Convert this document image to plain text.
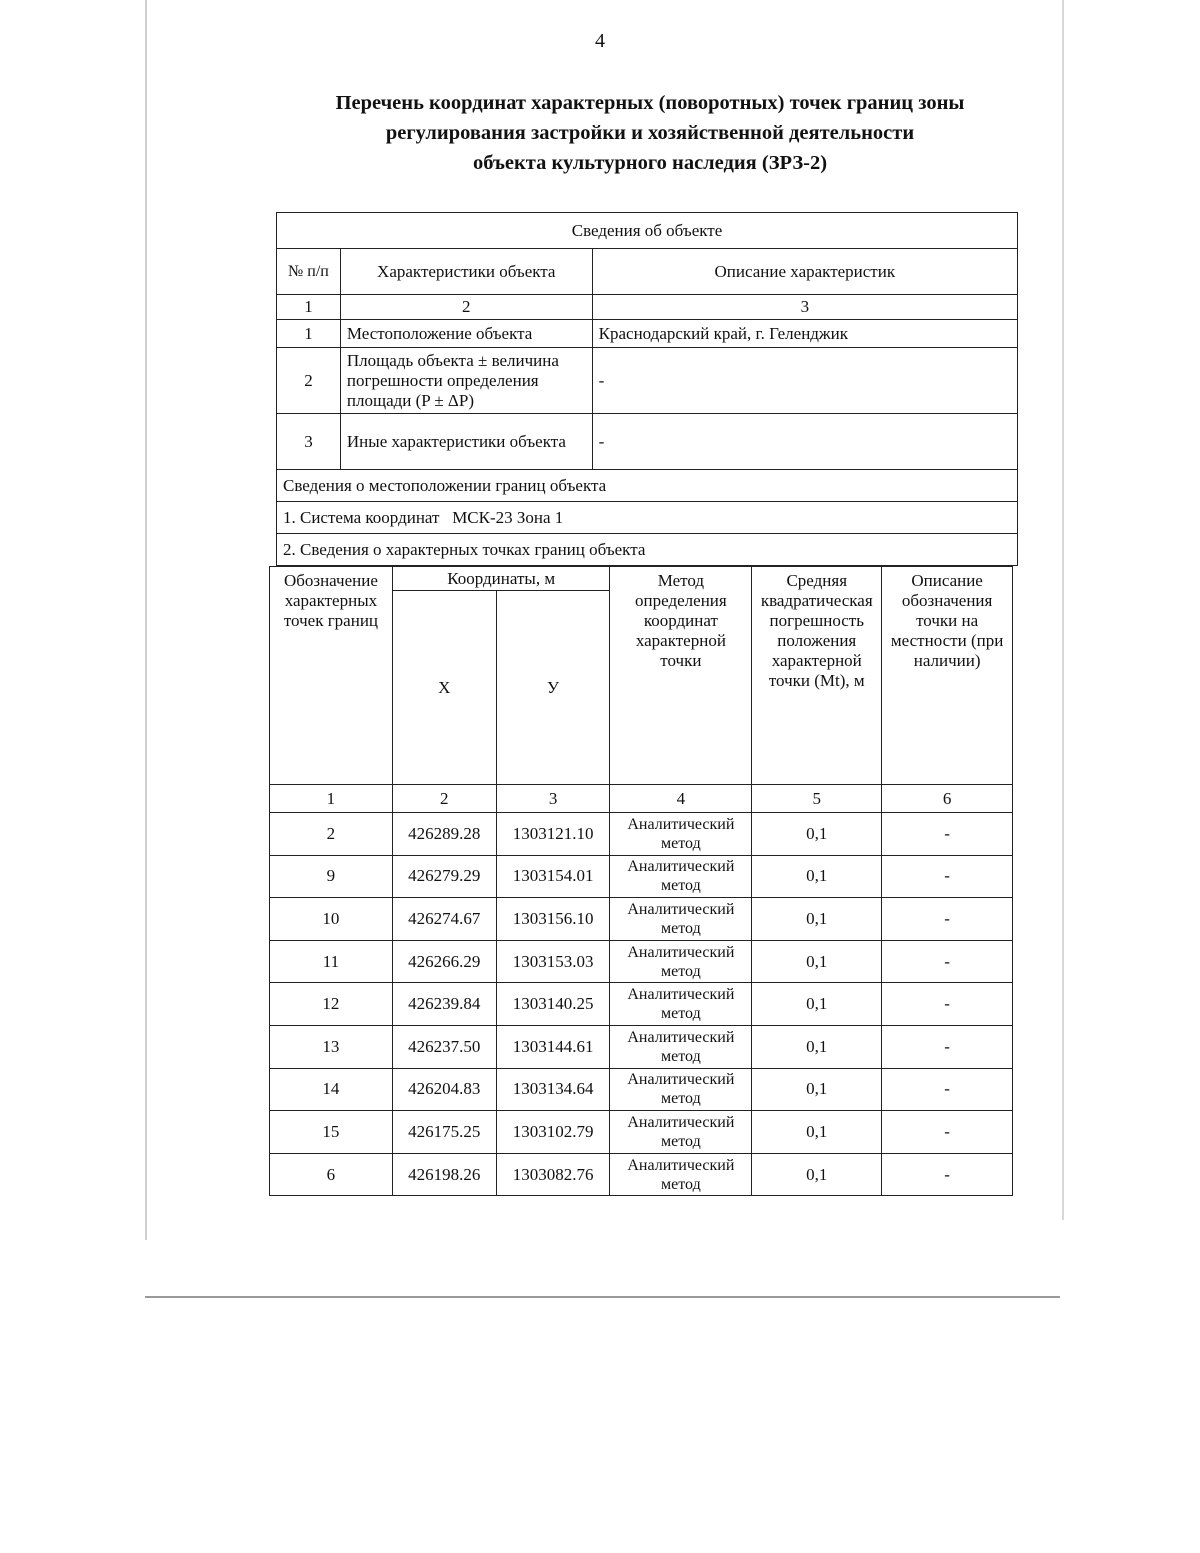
4
Перечень координат характерных (поворотных) точек границ зоны
регулирования застройки и хозяйственной деятельности
объекта культурного наследия (ЗРЗ-2)
Сведения об объекте		
№ п/п	Характеристики объекта	Описание характеристик
1	2	3
1	Местоположение объекта	Краснодарский край, г. Геленджик
2	Площадь объекта ± величина погрешности определения площади (P ± ΔP)	-
3	Иные характеристики объекта	-
Сведения о местоположении границ объекта		
1. Система координат   МСК-23 Зона 1		
2. Сведения о характерных точках границ объекта		
Обозначение характерных точек границ	Координаты, м		Метод определения координат характерной точки	Средняя квадратическая погрешность положения характерной точки (Mt), м	Описание обозначения точки на местности (при наличии)
	Х	У			
1	2	3	4	5	6
2	426289.28	1303121.10	Аналитический метод	0,1	-
9	426279.29	1303154.01	Аналитический метод	0,1	-
10	426274.67	1303156.10	Аналитический метод	0,1	-
11	426266.29	1303153.03	Аналитический метод	0,1	-
12	426239.84	1303140.25	Аналитический метод	0,1	-
13	426237.50	1303144.61	Аналитический метод	0,1	-
14	426204.83	1303134.64	Аналитический метод	0,1	-
15	426175.25	1303102.79	Аналитический метод	0,1	-
6	426198.26	1303082.76	Аналитический метод	0,1	-
